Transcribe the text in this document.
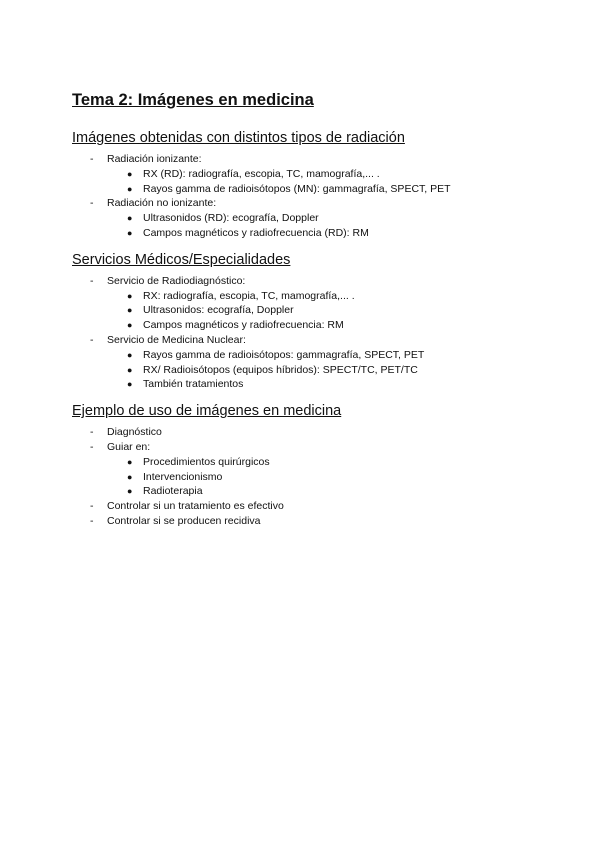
Tema 2: Imágenes en medicina
Imágenes obtenidas con distintos tipos de radiación
- Radiación ionizante:
● RX (RD): radiografía, escopia, TC, mamografía,... .
● Rayos gamma de radioisótopos (MN): gammagrafía, SPECT, PET
- Radiación no ionizante:
● Ultrasonidos (RD): ecografía, Doppler
● Campos magnéticos y radiofrecuencia (RD): RM
Servicios Médicos/Especialidades
- Servicio de Radiodiagnóstico:
● RX: radiografía, escopia, TC, mamografía,... .
● Ultrasonidos: ecografía, Doppler
● Campos magnéticos y radiofrecuencia: RM
- Servicio de Medicina Nuclear:
● Rayos gamma de radioisótopos: gammagrafía, SPECT, PET
● RX/ Radioisótopos (equipos híbridos): SPECT/TC, PET/TC
● También tratamientos
Ejemplo de uso de imágenes en medicina
- Diagnóstico
- Guiar en:
● Procedimientos quirúrgicos
● Intervencionismo
● Radioterapia
- Controlar si un tratamiento es efectivo
- Controlar si se producen recidiva
